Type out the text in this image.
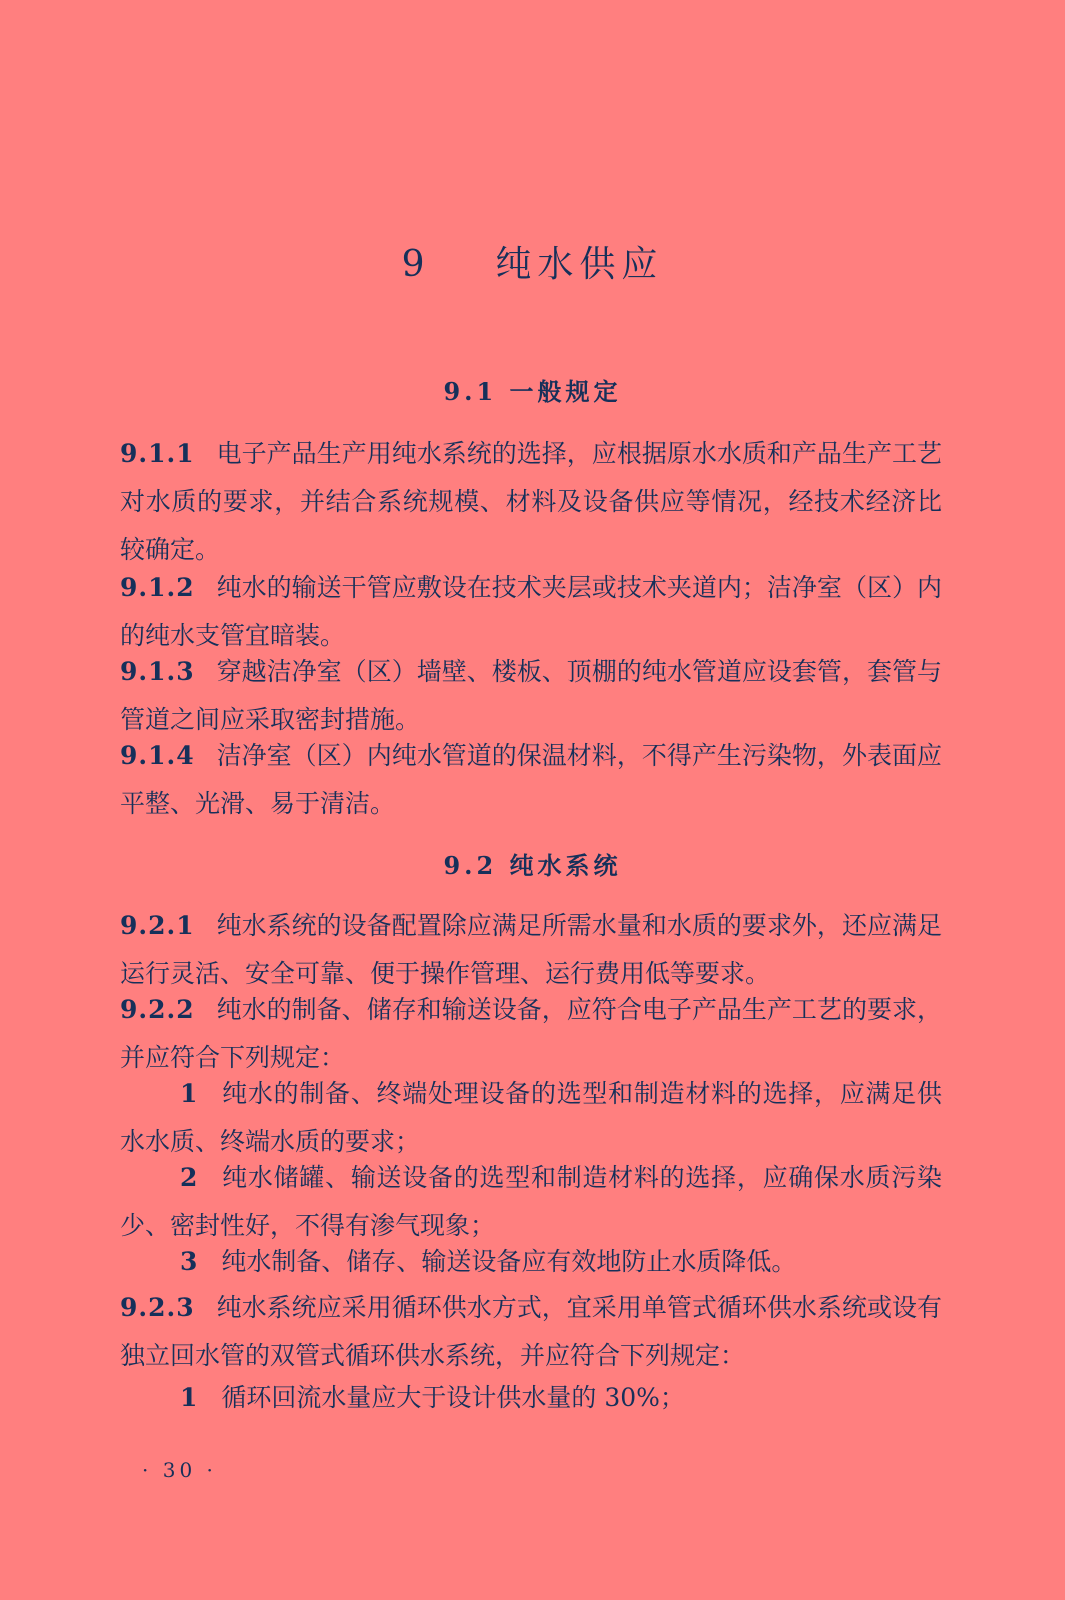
9 纯水供应
9.1 一般规定
9.1.1 电子产品生产用纯水系统的选择，应根据原水水质和产品生产工艺对水质的要求，并结合系统规模、材料及设备供应等情况，经技术经济比较确定。
9.1.2 纯水的输送干管应敷设在技术夹层或技术夹道内；洁净室（区）内的纯水支管宜暗装。
9.1.3 穿越洁净室（区）墙壁、楼板、顶棚的纯水管道应设套管，套管与管道之间应采取密封措施。
9.1.4 洁净室（区）内纯水管道的保温材料，不得产生污染物，外表面应平整、光滑、易于清洁。
9.2 纯水系统
9.2.1 纯水系统的设备配置除应满足所需水量和水质的要求外，还应满足运行灵活、安全可靠、便于操作管理、运行费用低等要求。
9.2.2 纯水的制备、储存和输送设备，应符合电子产品生产工艺的要求，并应符合下列规定：
1 纯水的制备、终端处理设备的选型和制造材料的选择，应满足供水水质、终端水质的要求；
2 纯水储罐、输送设备的选型和制造材料的选择，应确保水质污染少、密封性好，不得有渗气现象；
3 纯水制备、储存、输送设备应有效地防止水质降低。
9.2.3 纯水系统应采用循环供水方式，宜采用单管式循环供水系统或设有独立回水管的双管式循环供水系统，并应符合下列规定：
1 循环回流水量应大于设计供水量的 30%；
· 30 ·
